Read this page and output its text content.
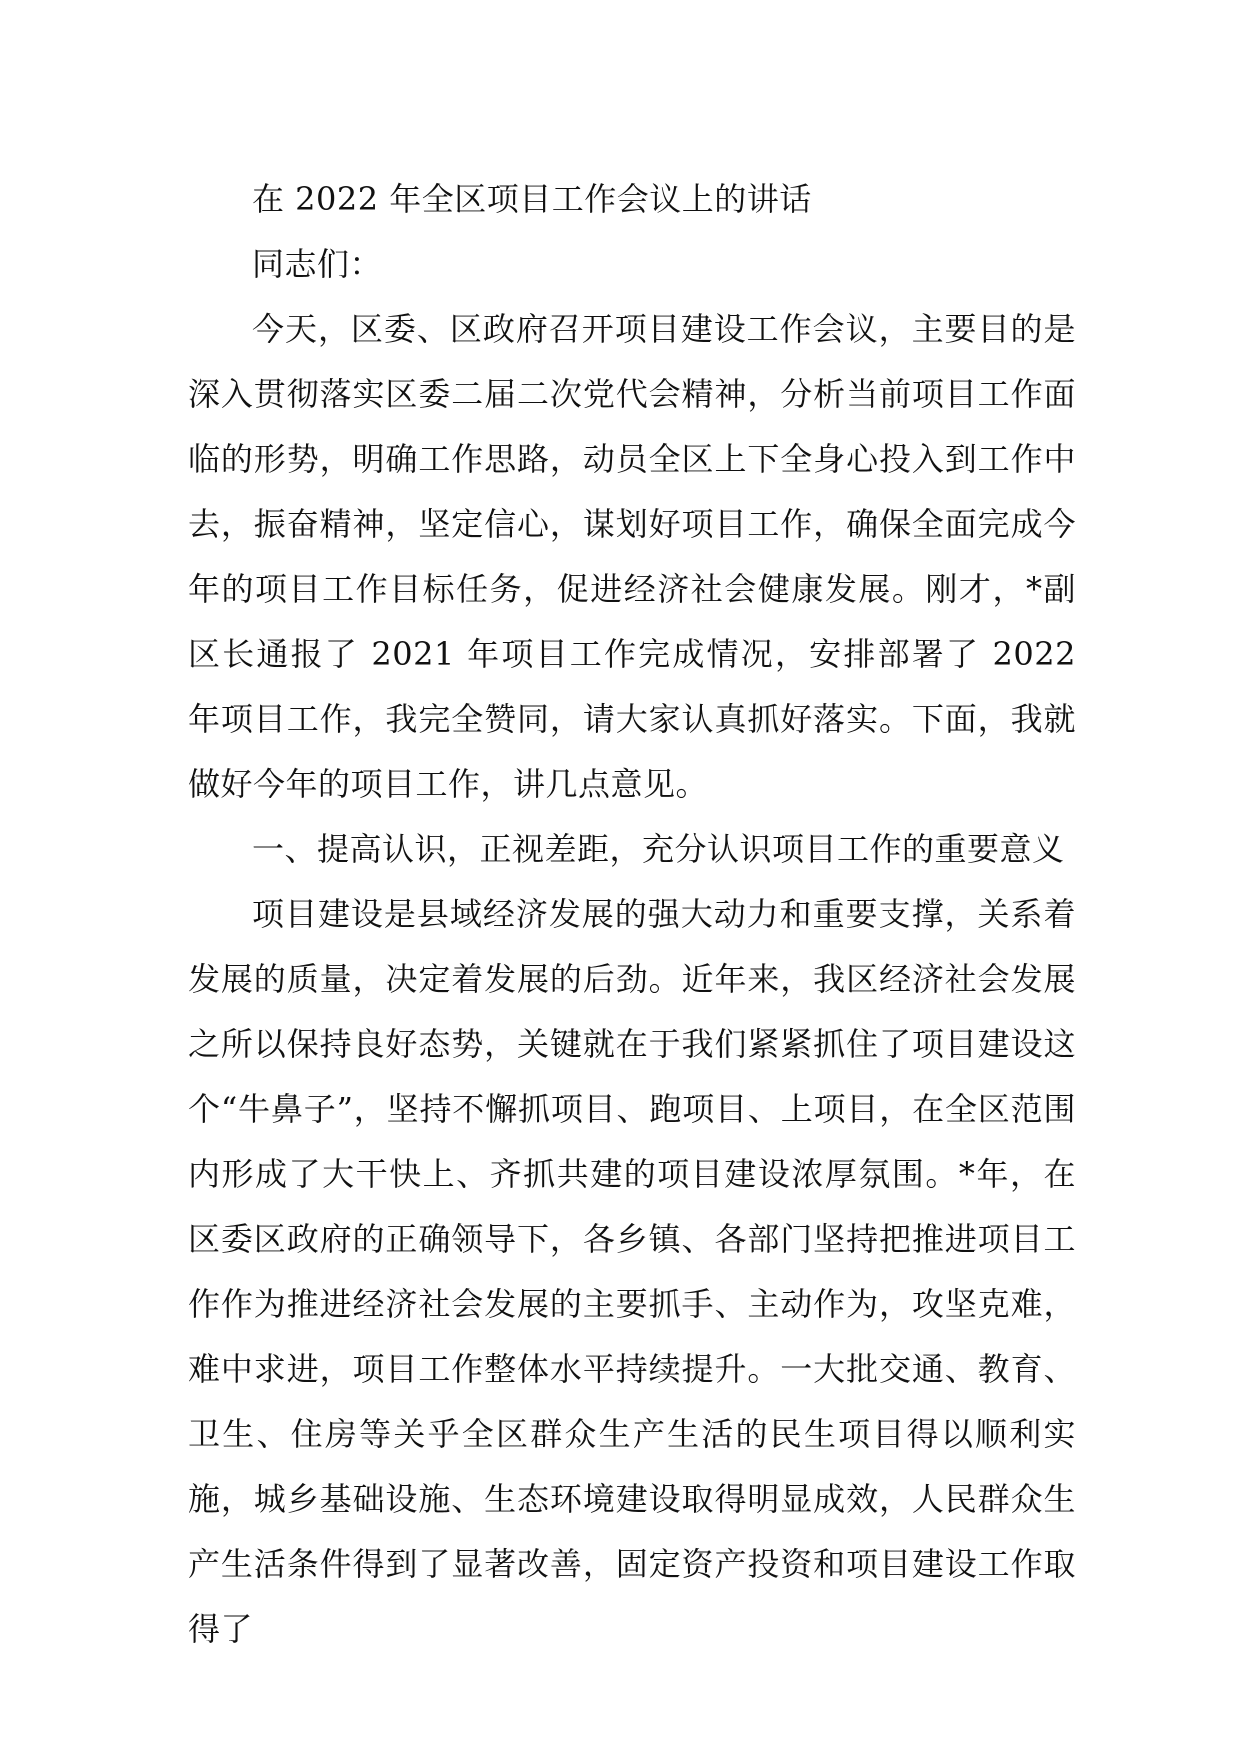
在 2022 年全区项目工作会议上的讲话

同志们：

今天，区委、区政府召开项目建设工作会议，主要目的是深入贯彻落实区委二届二次党代会精神，分析当前项目工作面临的形势，明确工作思路，动员全区上下全身心投入到工作中去，振奋精神，坚定信心，谋划好项目工作，确保全面完成今年的项目工作目标任务，促进经济社会健康发展。刚才，*副区长通报了 2021 年项目工作完成情况，安排部署了 2022 年项目工作，我完全赞同，请大家认真抓好落实。下面，我就做好今年的项目工作，讲几点意见。

一、提高认识，正视差距，充分认识项目工作的重要意义

项目建设是县域经济发展的强大动力和重要支撑，关系着发展的质量，决定着发展的后劲。近年来，我区经济社会发展之所以保持良好态势，关键就在于我们紧紧抓住了项目建设这个“牛鼻子”，坚持不懈抓项目、跑项目、上项目，在全区范围内形成了大干快上、齐抓共建的项目建设浓厚氛围。*年，在区委区政府的正确领导下，各乡镇、各部门坚持把推进项目工作作为推进经济社会发展的主要抓手、主动作为，攻坚克难，难中求进，项目工作整体水平持续提升。一大批交通、教育、卫生、住房等关乎全区群众生产生活的民生项目得以顺利实施，城乡基础设施、生态环境建设取得明显成效，人民群众生产生活条件得到了显著改善，固定资产投资和项目建设工作取得了
